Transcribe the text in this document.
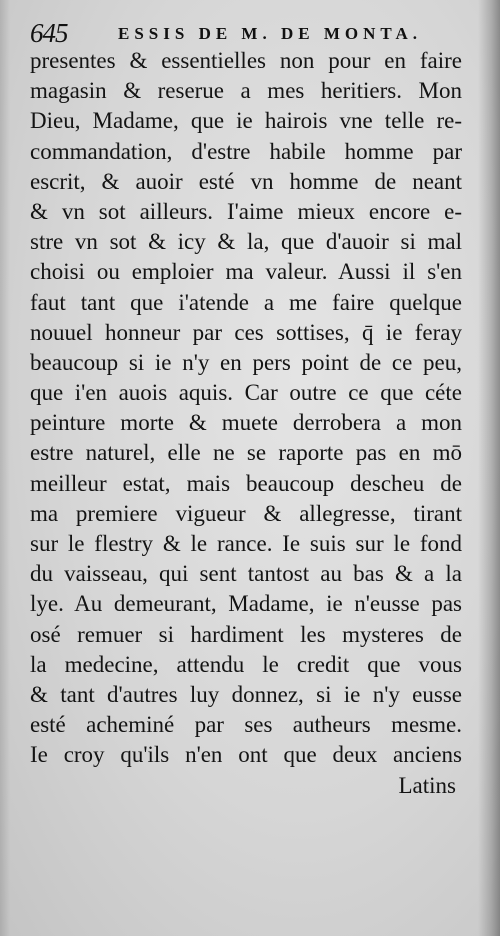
645	ESSIS DE M. DE MONTA.
presentes & essentielles non pour en faire
magasin & reserue a mes heritiers. Mon
Dieu, Madame, que ie hairois vne telle re-
commandation, d'estre habile homme par
escrit, & auoir esté vn homme de neant
& vn sot ailleurs. I'aime mieux encore e-
stre vn sot & icy & la, que d'auoir si mal
choisi ou emploier ma valeur. Aussi il s'en
faut tant que i'atende a me faire quelque
nouuel honneur par ces sottises, q̄ ie feray
beaucoup si ie n'y en pers point de ce peu,
que i'en auois aquis. Car outre ce que céte
peinture morte & muete derrobera a mon
estre naturel, elle ne se raporte pas en mō
meilleur estat, mais beaucoup descheu de
ma premiere vigueur & allegresse, tirant
sur le flestry & le rance. Ie suis sur le fond
du vaisseau, qui sent tantost au bas & a la
lye. Au demeurant, Madame, ie n'eusse pas
osé remuer si hardiment les mysteres de
la medecine, attendu le credit que vous
& tant d'autres luy donnez, si ie n'y eusse
esté acheminé par ses autheurs mesme.
Ie croy qu'ils n'en ont que deux anciens
Latins
